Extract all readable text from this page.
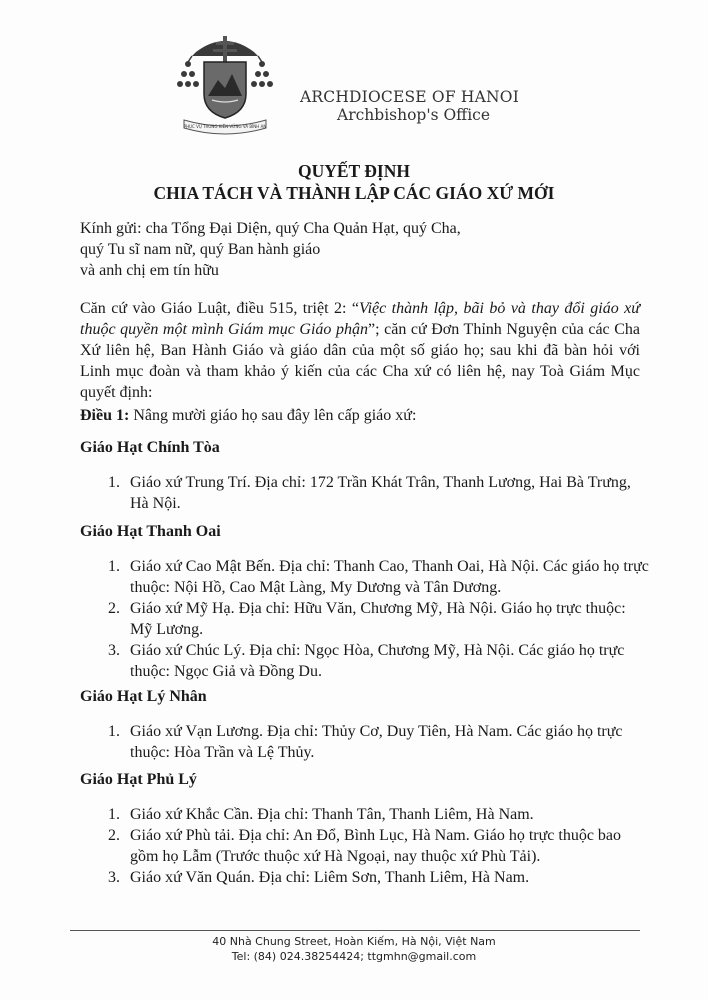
PHỤC VỤ TRONG KIÊN VỮNG VÀ BÌNH AN
ARCHDIOCESE OF HANOI
Archbishop's Office
QUYẾT ĐỊNH
CHIA TÁCH VÀ THÀNH LẬP CÁC GIÁO XỨ MỚI
Kính gửi: cha Tổng Đại Diện, quý Cha Quản Hạt, quý Cha,
quý Tu sĩ nam nữ, quý Ban hành giáo
và anh chị em tín hữu
Căn cứ vào Giáo Luật, điều 515, triệt 2: “Việc thành lập, bãi bỏ và thay đổi giáo xứ thuộc quyền một mình Giám mục Giáo phận”; căn cứ Đơn Thỉnh Nguyện của các Cha Xứ liên hệ, Ban Hành Giáo và giáo dân của một số giáo họ; sau khi đã bàn hỏi với Linh mục đoàn và tham khảo ý kiến của các Cha xứ có liên hệ, nay Toà Giám Mục quyết định:
Điều 1: Nâng mười giáo họ sau đây lên cấp giáo xứ:
Giáo Hạt Chính Tòa
1. Giáo xứ Trung Trí. Địa chỉ: 172 Trần Khát Trân, Thanh Lương, Hai Bà Trưng, Hà Nội.
Giáo Hạt Thanh Oai
1. Giáo xứ Cao Mật Bến. Địa chỉ: Thanh Cao, Thanh Oai, Hà Nội. Các giáo họ trực thuộc: Nội Hồ, Cao Mật Làng, My Dương và Tân Dương.
2. Giáo xứ Mỹ Hạ. Địa chỉ: Hữu Văn, Chương Mỹ, Hà Nội. Giáo họ trực thuộc: Mỹ Lương.
3. Giáo xứ Chúc Lý. Địa chỉ: Ngọc Hòa, Chương Mỹ, Hà Nội. Các giáo họ trực thuộc: Ngọc Giả và Đồng Du.
Giáo Hạt Lý Nhân
1. Giáo xứ Vạn Lương. Địa chỉ: Thủy Cơ, Duy Tiên, Hà Nam. Các giáo họ trực thuộc: Hòa Trần và Lệ Thủy.
Giáo Hạt Phủ Lý
1. Giáo xứ Khắc Cần. Địa chỉ: Thanh Tân, Thanh Liêm, Hà Nam.
2. Giáo xứ Phù tải. Địa chỉ: An Đổ, Bình Lục, Hà Nam. Giáo họ trực thuộc bao gồm họ Lẫm (Trước thuộc xứ Hà Ngoại, nay thuộc xứ Phù Tải).
3. Giáo xứ Văn Quán. Địa chỉ: Liêm Sơn, Thanh Liêm, Hà Nam.
40 Nhà Chung Street, Hoàn Kiếm, Hà Nội, Việt Nam
Tel: (84) 024.38254424; ttgmhn@gmail.com
